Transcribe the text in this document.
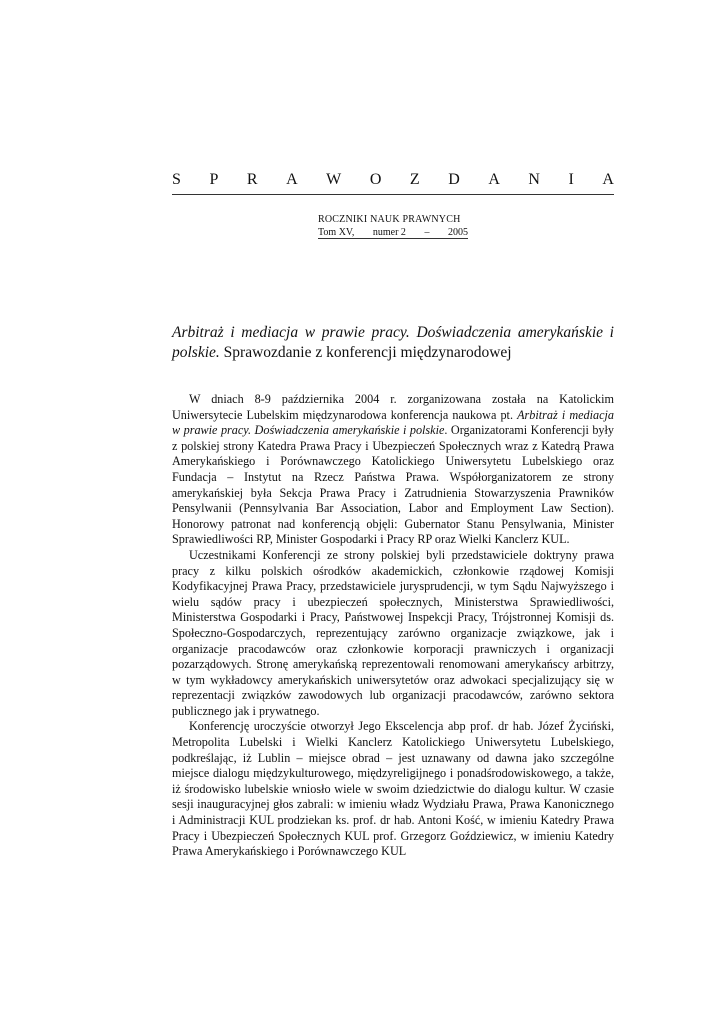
S P R A W O Z D A N I A
ROCZNIKI NAUK PRAWNYCH
Tom XV, numer 2 – 2005
Arbitraż i mediacja w prawie pracy. Doświadczenia amerykańskie i polskie. Sprawozdanie z konferencji międzynarodowej

W dniach 8-9 października 2004 r. zorganizowana została na Katolickim Uniwersytecie Lubelskim międzynarodowa konferencja naukowa pt. Arbitraż i mediacja w prawie pracy. Doświadczenia amerykańskie i polskie. Organizatorami Konferencji były z polskiej strony Katedra Prawa Pracy i Ubezpieczeń Społecznych wraz z Katedrą Prawa Amerykańskiego i Porównawczego Katolickiego Uniwersytetu Lubelskiego oraz Fundacja – Instytut na Rzecz Państwa Prawa. Współorganizatorem ze strony amerykańskiej była Sekcja Prawa Pracy i Zatrudnienia Stowarzyszenia Prawników Pensylwanii (Pennsylvania Bar Association, Labor and Employment Law Section). Honorowy patronat nad konferencją objęli: Gubernator Stanu Pensylwania, Minister Sprawiedliwości RP, Minister Gospodarki i Pracy RP oraz Wielki Kanclerz KUL.

Uczestnikami Konferencji ze strony polskiej byli przedstawiciele doktryny prawa pracy z kilku polskich ośrodków akademickich, członkowie rządowej Komisji Kodyfikacyjnej Prawa Pracy, przedstawiciele jurysprudencji, w tym Sądu Najwyższego i wielu sądów pracy i ubezpieczeń społecznych, Ministerstwa Sprawiedliwości, Ministerstwa Gospodarki i Pracy, Państwowej Inspekcji Pracy, Trójstronnej Komisji ds. Społeczno-Gospodarczych, reprezentujący zarówno organizacje związkowe, jak i organizacje pracodawców oraz członkowie korporacji prawniczych i organizacji pozarządowych. Stronę amerykańską reprezentowali renomowani amerykańscy arbitrzy, w tym wykładowcy amerykańskich uniwersytetów oraz adwokaci specjalizujący się w reprezentacji związków zawodowych lub organizacji pracodawców, zarówno sektora publicznego jak i prywatnego.

Konferencję uroczyście otworzył Jego Ekscelencja abp prof. dr hab. Józef Życiński, Metropolita Lubelski i Wielki Kanclerz Katolickiego Uniwersytetu Lubelskiego, podkreślając, iż Lublin – miejsce obrad – jest uznawany od dawna jako szczególne miejsce dialogu międzykulturowego, międzyreligijnego i ponadśrodowiskowego, a także, iż środowisko lubelskie wniosło wiele w swoim dziedzictwie do dialogu kultur. W czasie sesji inauguracyjnej głos zabrali: w imieniu władz Wydziału Prawa, Prawa Kanonicznego i Administracji KUL prodziekan ks. prof. dr hab. Antoni Kość, w imieniu Katedry Prawa Pracy i Ubezpieczeń Społecznych KUL prof. Grzegorz Goździewicz, w imieniu Katedry Prawa Amerykańskiego i Porównawczego KUL
